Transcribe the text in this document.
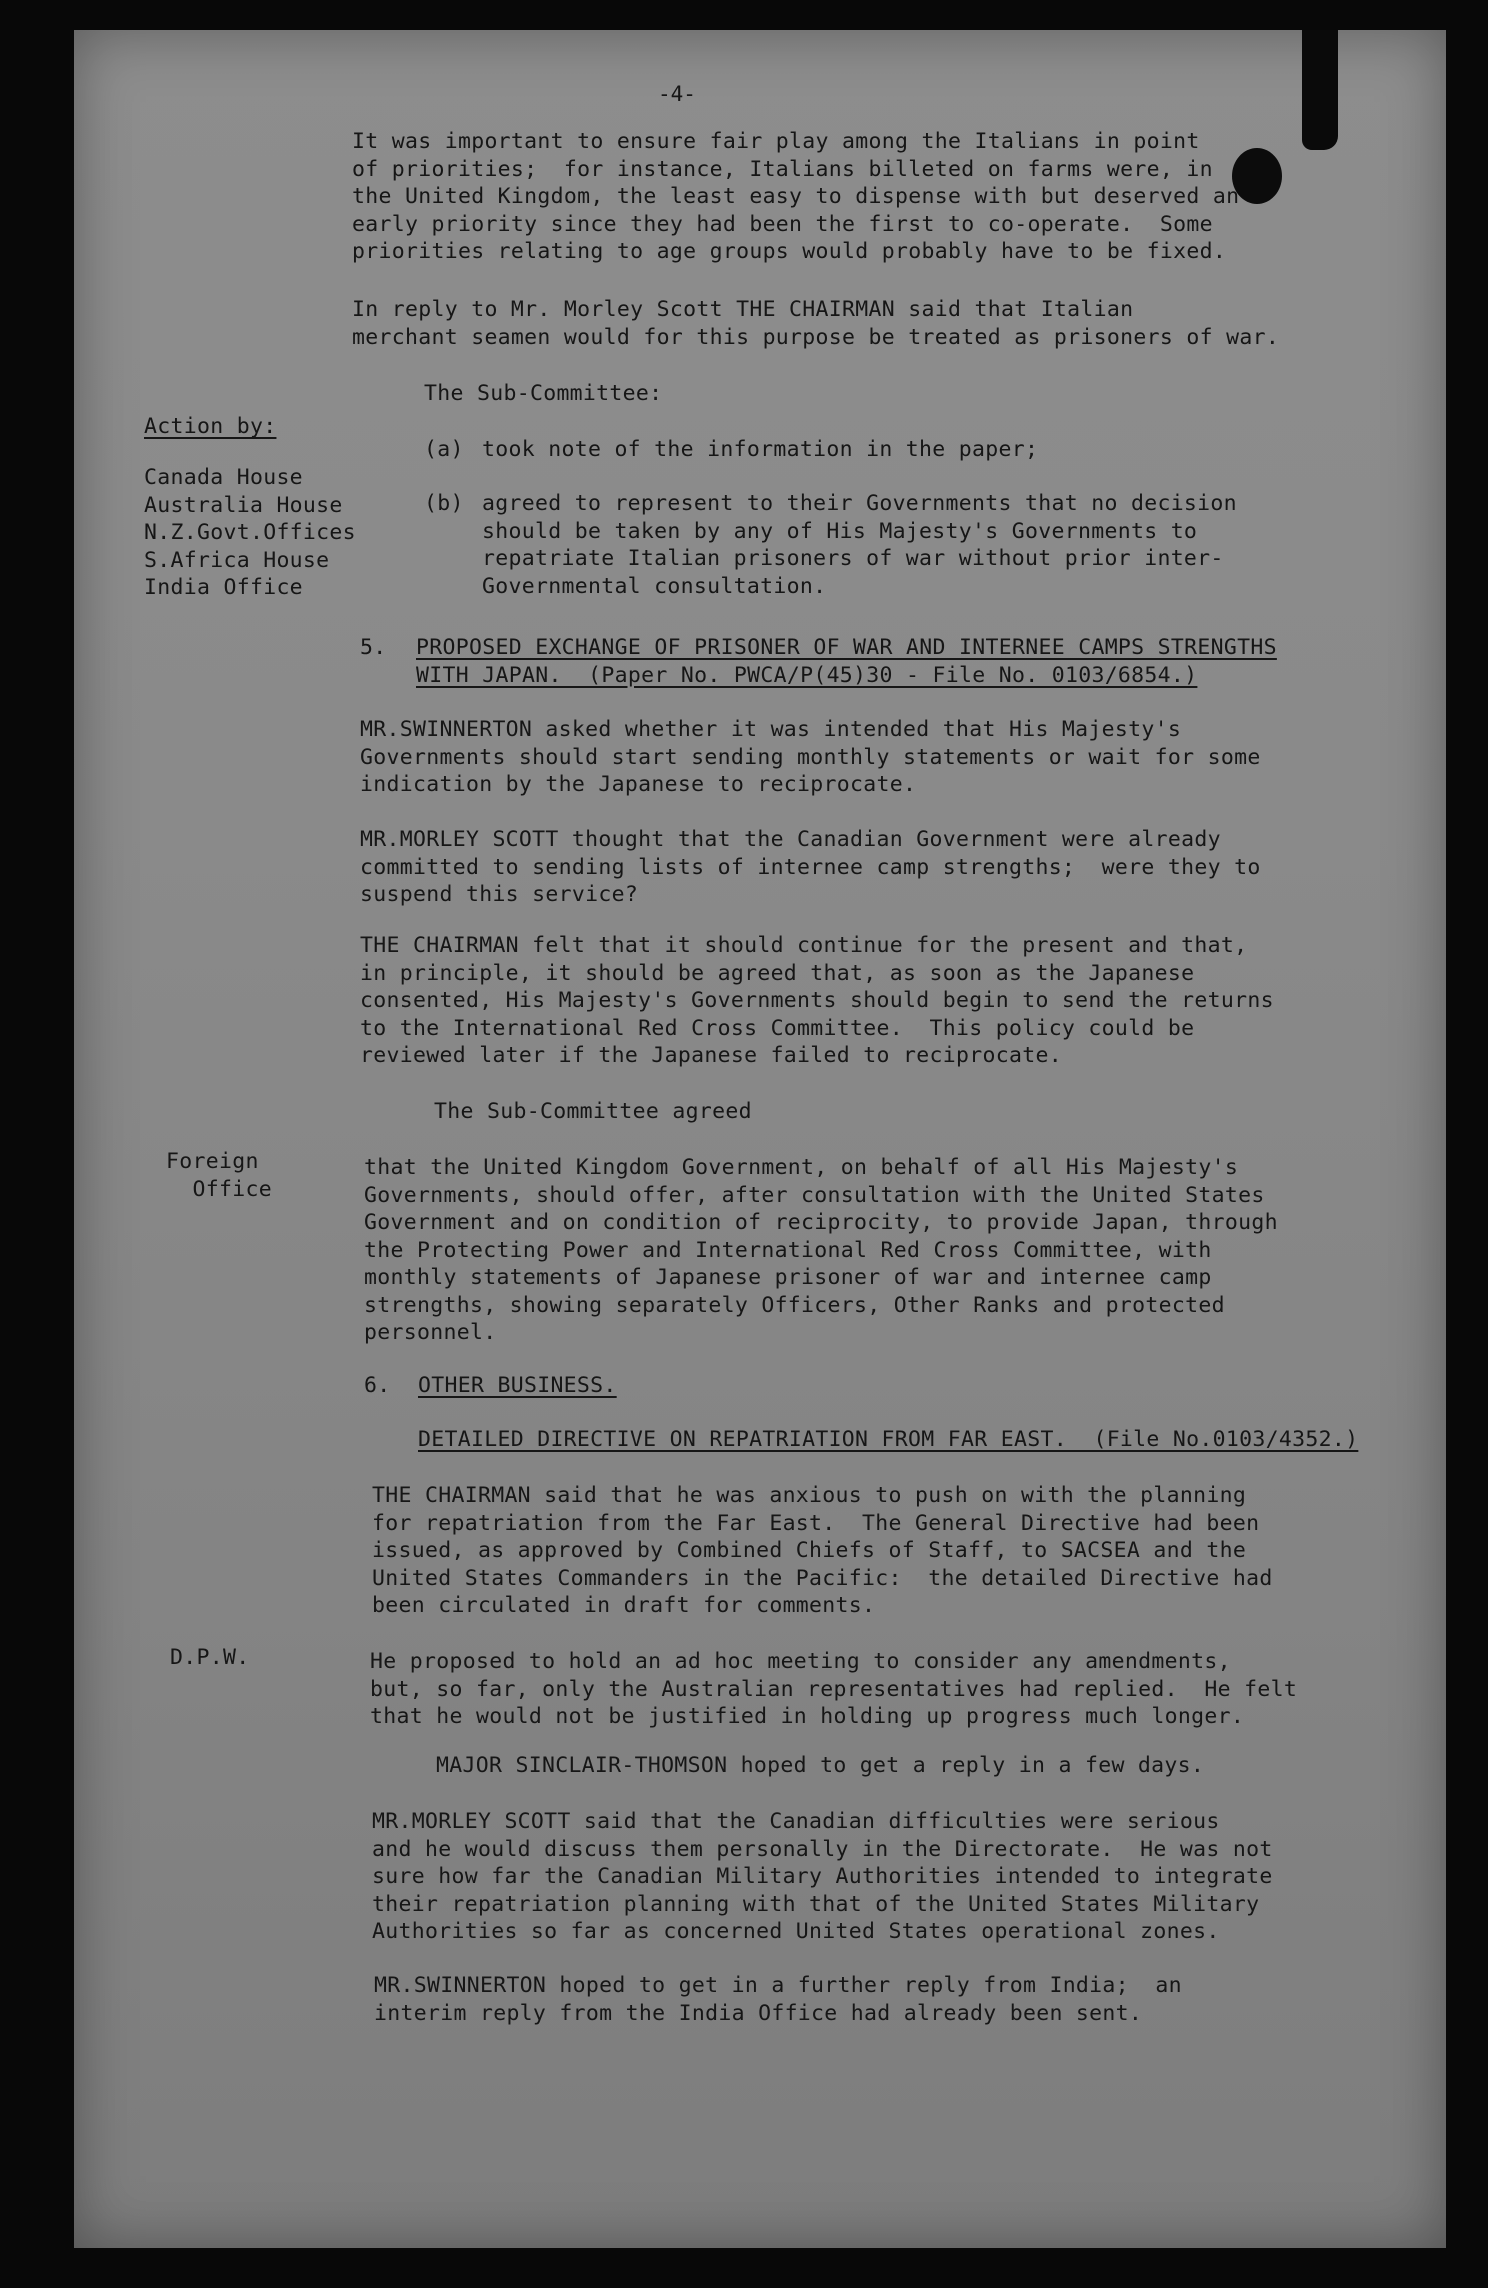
-4-
It was important to ensure fair play among the Italians in point
of priorities;  for instance, Italians billeted on farms were, in
the United Kingdom, the least easy to dispense with but deserved an
early priority since they had been the first to co-operate.  Some
priorities relating to age groups would probably have to be fixed.
In reply to Mr. Morley Scott THE CHAIRMAN said that Italian
merchant seamen would for this purpose be treated as prisoners of war.
The Sub-Committee:
Action by:
Canada House
Australia House
N.Z.Govt.Offices
S.Africa House
India Office
(a) took note of the information in the paper;
(b) agreed to represent to their Governments that no decision
should be taken by any of His Majesty's Governments to
repatriate Italian prisoners of war without prior inter-
Governmental consultation.
5. PROPOSED EXCHANGE OF PRISONER OF WAR AND INTERNEE CAMPS STRENGTHS
WITH JAPAN.  (Paper No. PWCA/P(45)30 - File No. 0103/6854.)
MR.SWINNERTON asked whether it was intended that His Majesty's
Governments should start sending monthly statements or wait for some
indication by the Japanese to reciprocate.
MR.MORLEY SCOTT thought that the Canadian Government were already
committed to sending lists of internee camp strengths;  were they to
suspend this service?
THE CHAIRMAN felt that it should continue for the present and that,
in principle, it should be agreed that, as soon as the Japanese
consented, His Majesty's Governments should begin to send the returns
to the International Red Cross Committee.  This policy could be
reviewed later if the Japanese failed to reciprocate.
The Sub-Committee agreed
Foreign
Office
that the United Kingdom Government, on behalf of all His Majesty's
Governments, should offer, after consultation with the United States
Government and on condition of reciprocity, to provide Japan, through
the Protecting Power and International Red Cross Committee, with
monthly statements of Japanese prisoner of war and internee camp
strengths, showing separately Officers, Other Ranks and protected
personnel.
6. OTHER BUSINESS.
DETAILED DIRECTIVE ON REPATRIATION FROM FAR EAST.  (File No.0103/4352.)
THE CHAIRMAN said that he was anxious to push on with the planning
for repatriation from the Far East.  The General Directive had been
issued, as approved by Combined Chiefs of Staff, to SACSEA and the
United States Commanders in the Pacific:  the detailed Directive had
been circulated in draft for comments.
D.P.W.	He proposed to hold an ad hoc meeting to consider any amendments,
but, so far, only the Australian representatives had replied.  He felt
that he would not be justified in holding up progress much longer.
MAJOR SINCLAIR-THOMSON hoped to get a reply in a few days.
MR.MORLEY SCOTT said that the Canadian difficulties were serious
and he would discuss them personally in the Directorate.  He was not
sure how far the Canadian Military Authorities intended to integrate
their repatriation planning with that of the United States Military
Authorities so far as concerned United States operational zones.
MR.SWINNERTON hoped to get in a further reply from India;  an
interim reply from the India Office had already been sent.
